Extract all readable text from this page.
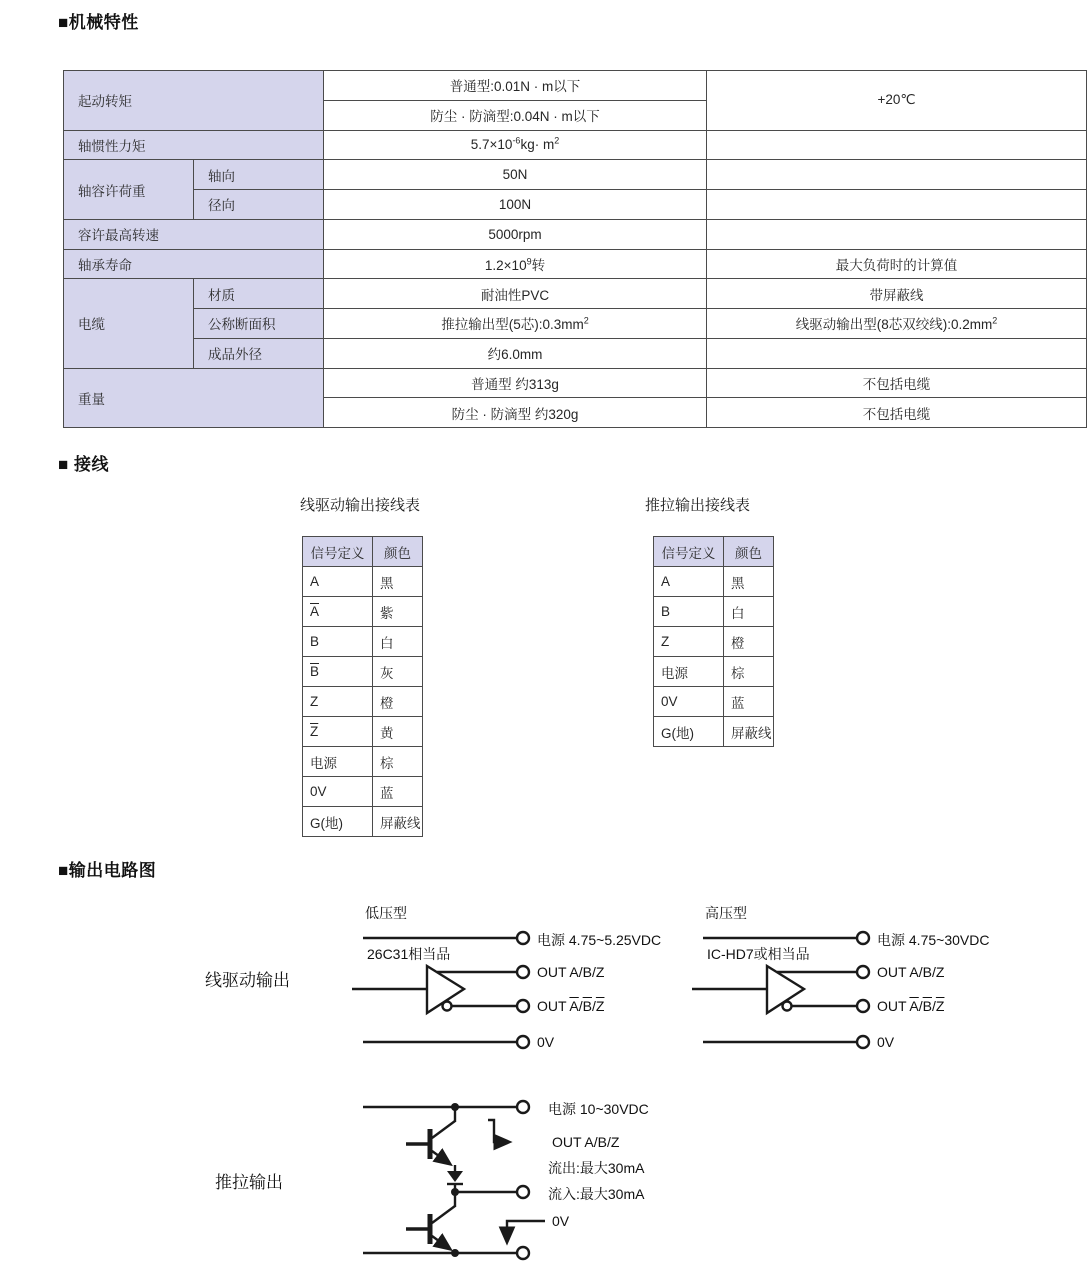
■机械特性
■ 接线
■输出电路图
起动转矩		普通型:0.01N · m以下	+20℃
		防尘 · 防滴型:0.04N · m以下	
轴惯性力矩		$5.7\times 10^{-6}kg\cdot m^2$	
轴容许荷重	轴向	50N	
	径向	100N	
容许最高转速		5000rpm	
轴承寿命		$1.2\times 10^9$转	最大负荷时的计算值
电缆	材质	耐油性PVC	带屏蔽线
	公称断面积	推拉输出型(5芯)$:0.3mm^2$	线驱动输出型(8芯双绞线)$:0.2mm^2$
	成品外径	约6.0mm	
重量		普通型 约313g	不包括电缆
		防尘 · 防滴型 约320g	不包括电缆
线驱动输出接线表
信号定义	颜色
A	黑
$\overline{A}$	紫
B	白
$\overline{B}$	灰
Z	橙
$\overline{Z}$	黄
电源	棕
0V	蓝
G(地)	屏蔽线
推拉输出接线表
信号定义	颜色
A	黑
B	白
Z	橙
电源	棕
0V	蓝
G(地)	屏蔽线
线驱动输出
推拉输出
低压型
26C31相当品
电源 4.75~5.25VDC
OUT A/B/Z
OUT $\overline{A}/\overline{B}/\overline{Z}$
0V
高压型
IC-HD7或相当品
电源 4.75~30VDC
OUT A/B/Z
OUT $\overline{A}/\overline{B}/\overline{Z}$
0V
电源 10~30VDC
OUT A/B/Z
流出:最大30mA
流入:最大30mA
0V
